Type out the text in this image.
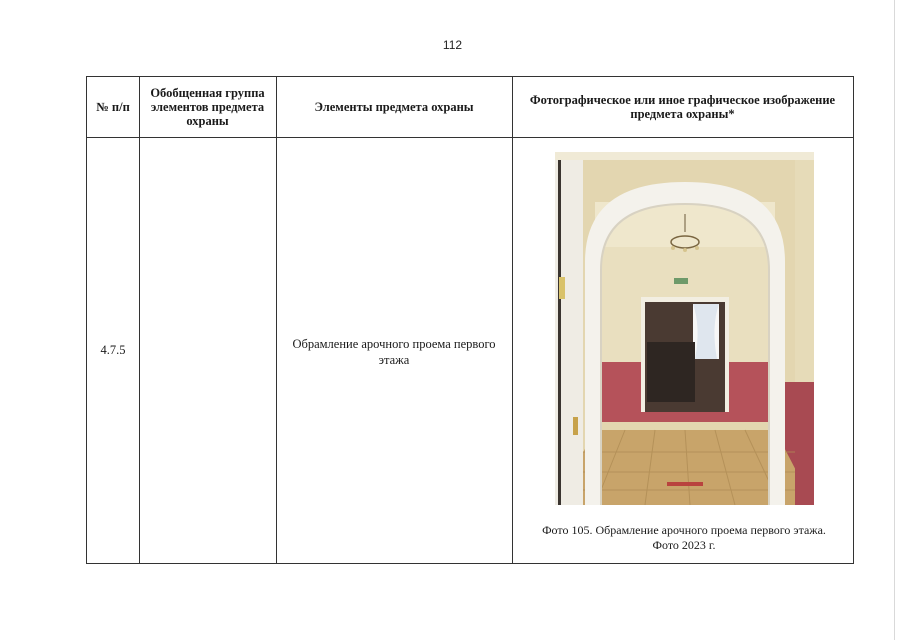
112
№ п/п
Обобщенная группа элементов предмета охраны
Элементы предмета охраны	Фотографическое или иное графическое изображение предмета охраны*
4.7.5	Обрамление арочного проема первого этажа
Фото 105. Обрамление арочного проема первого этажа.
Фото 2023 г.
